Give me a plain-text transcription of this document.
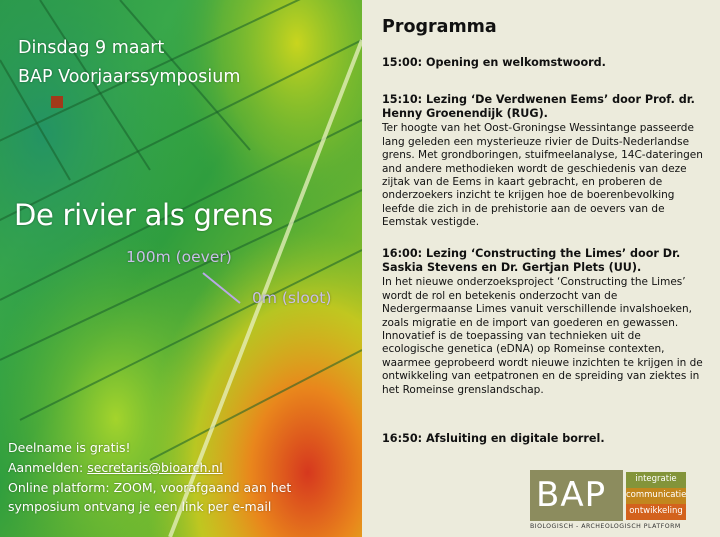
Dinsdag 9 maart
BAP Voorjaarssymposium
De rivier als grens
100m (oever)
0m (sloot)
Deelname is gratis!
Aanmelden: secretaris@bioarch.nl
Online platform: ZOOM, voorafgaand aan het
symposium ontvang je een link per e-mail
Programma
15:00: Opening en welkomstwoord.
15:10: Lezing ‘De Verdwenen Eems’ door Prof. dr. Henny Groenendijk (RUG).
Ter hoogte van het Oost-Groningse Wessintange passeerde lang geleden een mysterieuze rivier de Duits-Nederlandse grens. Met grondboringen, stuifmeelanalyse, 14C-dateringen and andere methodieken wordt de geschiedenis van deze zijtak van de Eems in kaart gebracht, en proberen de onderzoekers inzicht te krijgen hoe de boerenbevolking leefde die zich in de prehistorie aan de oevers van de Eemstak vestigde.
16:00: Lezing ‘Constructing the Limes’ door Dr. Saskia Stevens en Dr. Gertjan Plets (UU).
In het nieuwe onderzoeksproject ‘Constructing the Limes’ wordt de rol en betekenis onderzocht van de Nedergermaanse Limes vanuit verschillende invalshoeken, zoals migratie en de import van goederen en gewassen. Innovatief is de toepassing van technieken uit de ecologische genetica (eDNA) op Romeinse contexten, waarmee geprobeerd wordt nieuwe inzichten te krijgen in de ontwikkeling van eetpatronen en de spreiding van ziektes in het Romeinse grenslandschap.
16:50: Afsluiting en digitale borrel.
BAP	integratie
communicatie
ontwikkeling
BIOLOGISCH - ARCHEOLOGISCH PLATFORM
